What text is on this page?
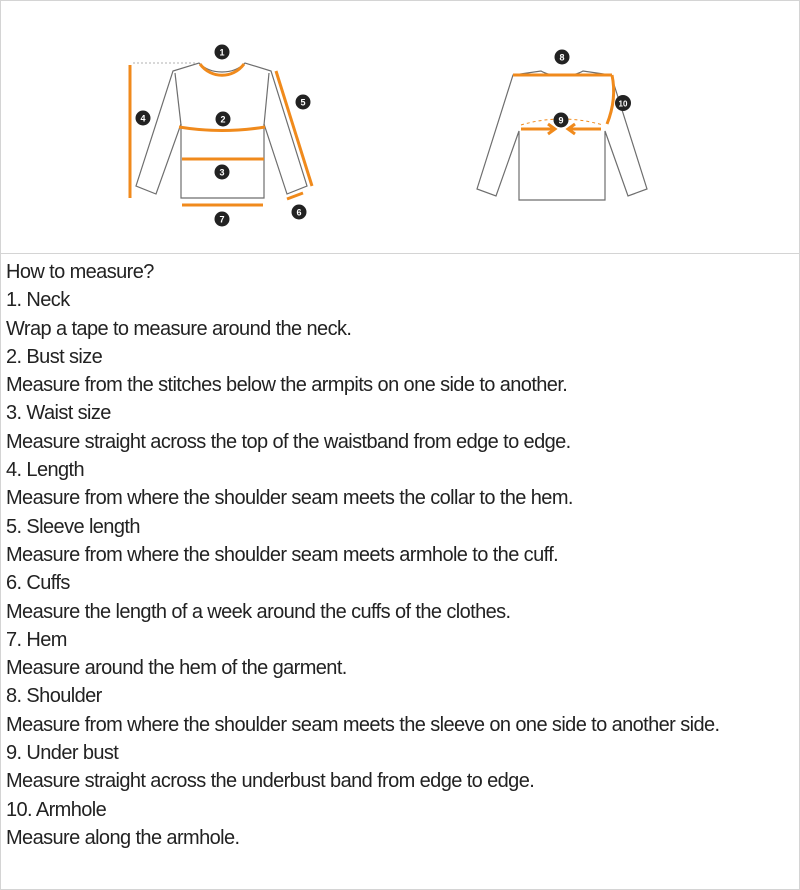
1
2
3
4
5
6
7
8
9
10
How to measure?
1. Neck
Wrap a tape to measure around the neck.
2. Bust size
Measure from the stitches below the armpits on one side to another.
3. Waist size
Measure straight across the top of the waistband from edge to edge.
4. Length
Measure from where the shoulder seam meets the collar to the hem.
5. Sleeve length
Measure from where the shoulder seam meets armhole to the cuff.
6. Cuffs
Measure the length of a week around the cuffs of the clothes.
7. Hem
Measure around the hem of the garment.
8. Shoulder
Measure from where the shoulder seam meets the sleeve on one side to another side.
9. Under bust
Measure straight across the underbust band from edge to edge.
10. Armhole
Measure along the armhole.
